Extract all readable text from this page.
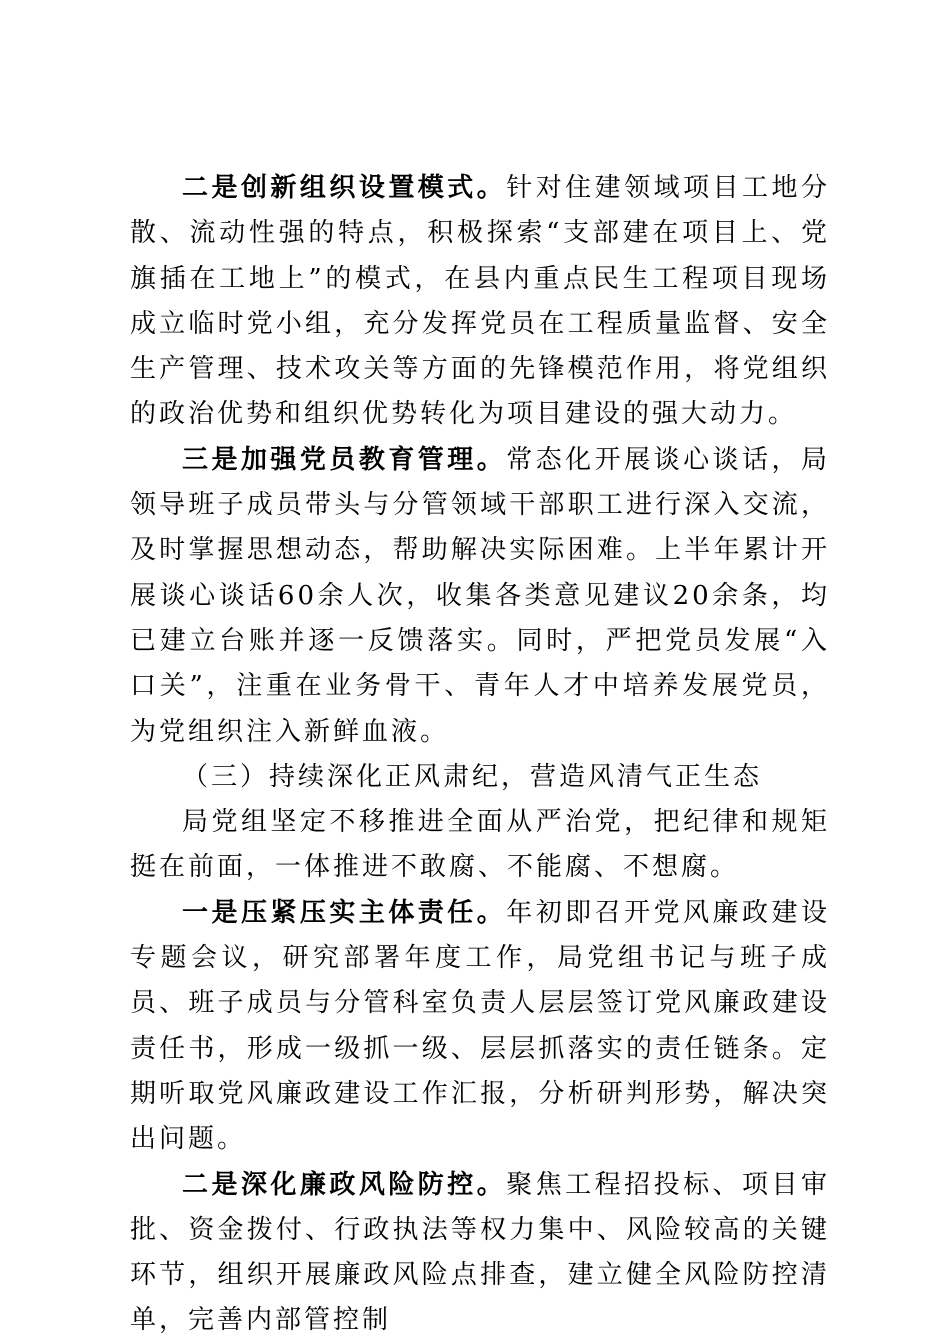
二是创新组织设置模式。针对住建领域项目工地分散、流动性强的特点，积极探索“支部建在项目上、党旗插在工地上”的模式，在县内重点民生工程项目现场成立临时党小组，充分发挥党员在工程质量监督、安全生产管理、技术攻关等方面的先锋模范作用，将党组织的政治优势和组织优势转化为项目建设的强大动力。

三是加强党员教育管理。常态化开展谈心谈话，局领导班子成员带头与分管领域干部职工进行深入交流，及时掌握思想动态，帮助解决实际困难。上半年累计开展谈心谈话60余人次，收集各类意见建议20余条，均已建立台账并逐一反馈落实。同时，严把党员发展“入口关”，注重在业务骨干、青年人才中培养发展党员，为党组织注入新鲜血液。

（三）持续深化正风肃纪，营造风清气正生态

局党组坚定不移推进全面从严治党，把纪律和规矩挺在前面，一体推进不敢腐、不能腐、不想腐。

一是压紧压实主体责任。年初即召开党风廉政建设专题会议，研究部署年度工作，局党组书记与班子成员、班子成员与分管科室负责人层层签订党风廉政建设责任书，形成一级抓一级、层层抓落实的责任链条。定期听取党风廉政建设工作汇报，分析研判形势，解决突出问题。

二是深化廉政风险防控。聚焦工程招投标、项目审批、资金拨付、行政执法等权力集中、风险较高的关键环节，组织开展廉政风险点排查，建立健全风险防控清单，完善内部管控制
